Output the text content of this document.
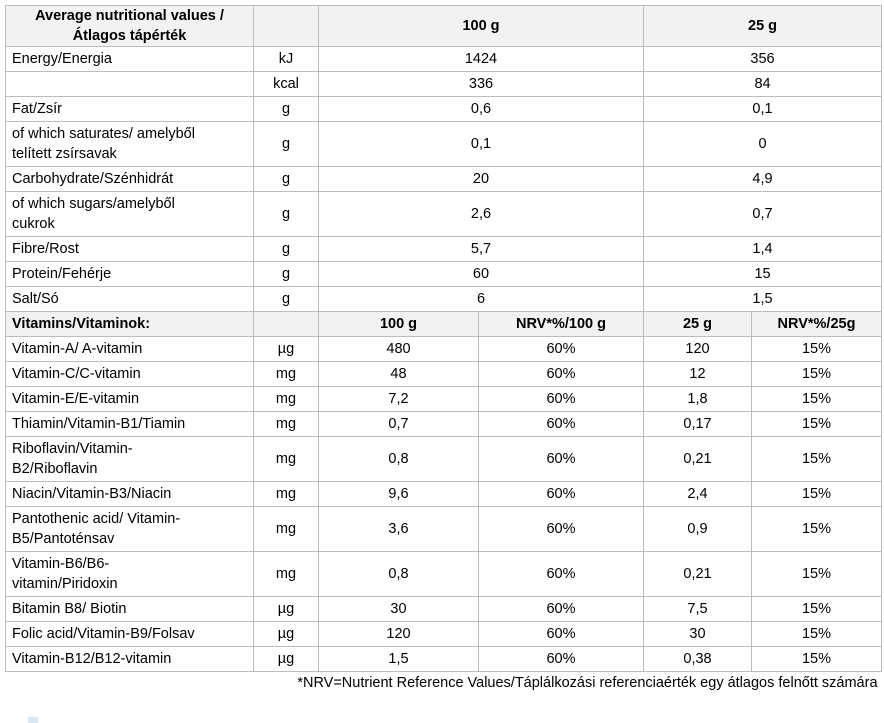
Average nutritional values /
Átlagos tápérték		100 g		25 g	
Energy/Energia	kJ	1424		356	
	kcal	336		84	
Fat/Zsír	g	0,6		0,1	
of which saturates/ amelyből
telített zsírsavak	g	0,1		0	
Carbohydrate/Szénhidrát	g	20		4,9	
of which sugars/amelyből
cukrok	g	2,6		0,7	
Fibre/Rost	g	5,7		1,4	
Protein/Fehérje	g	60		15	
Salt/Só	g	6		1,5	
Vitamins/Vitaminok:		100 g	NRV*%/100 g	25 g	NRV*%/25g
Vitamin-A/ A-vitamin	µg	480	60%	120	15%
Vitamin-C/C-vitamin	mg	48	60%	12	15%
Vitamin-E/E-vitamin	mg	7,2	60%	1,8	15%
Thiamin/Vitamin-B1/Tiamin	mg	0,7	60%	0,17	15%
Riboflavin/Vitamin-
B2/Riboflavin	mg	0,8	60%	0,21	15%
Niacin/Vitamin-B3/Niacin	mg	9,6	60%	2,4	15%
Pantothenic acid/ Vitamin-
B5/Pantoténsav	mg	3,6	60%	0,9	15%
Vitamin-B6/B6-
vitamin/Piridoxin	mg	0,8	60%	0,21	15%
Bitamin B8/ Biotin	µg	30	60%	7,5	15%
Folic acid/Vitamin-B9/Folsav	µg	120	60%	30	15%
Vitamin-B12/B12-vitamin	µg	1,5	60%	0,38	15%
*NRV=Nutrient Reference Values/Táplálkozási referenciaérték egy átlagos felnőtt számára					
